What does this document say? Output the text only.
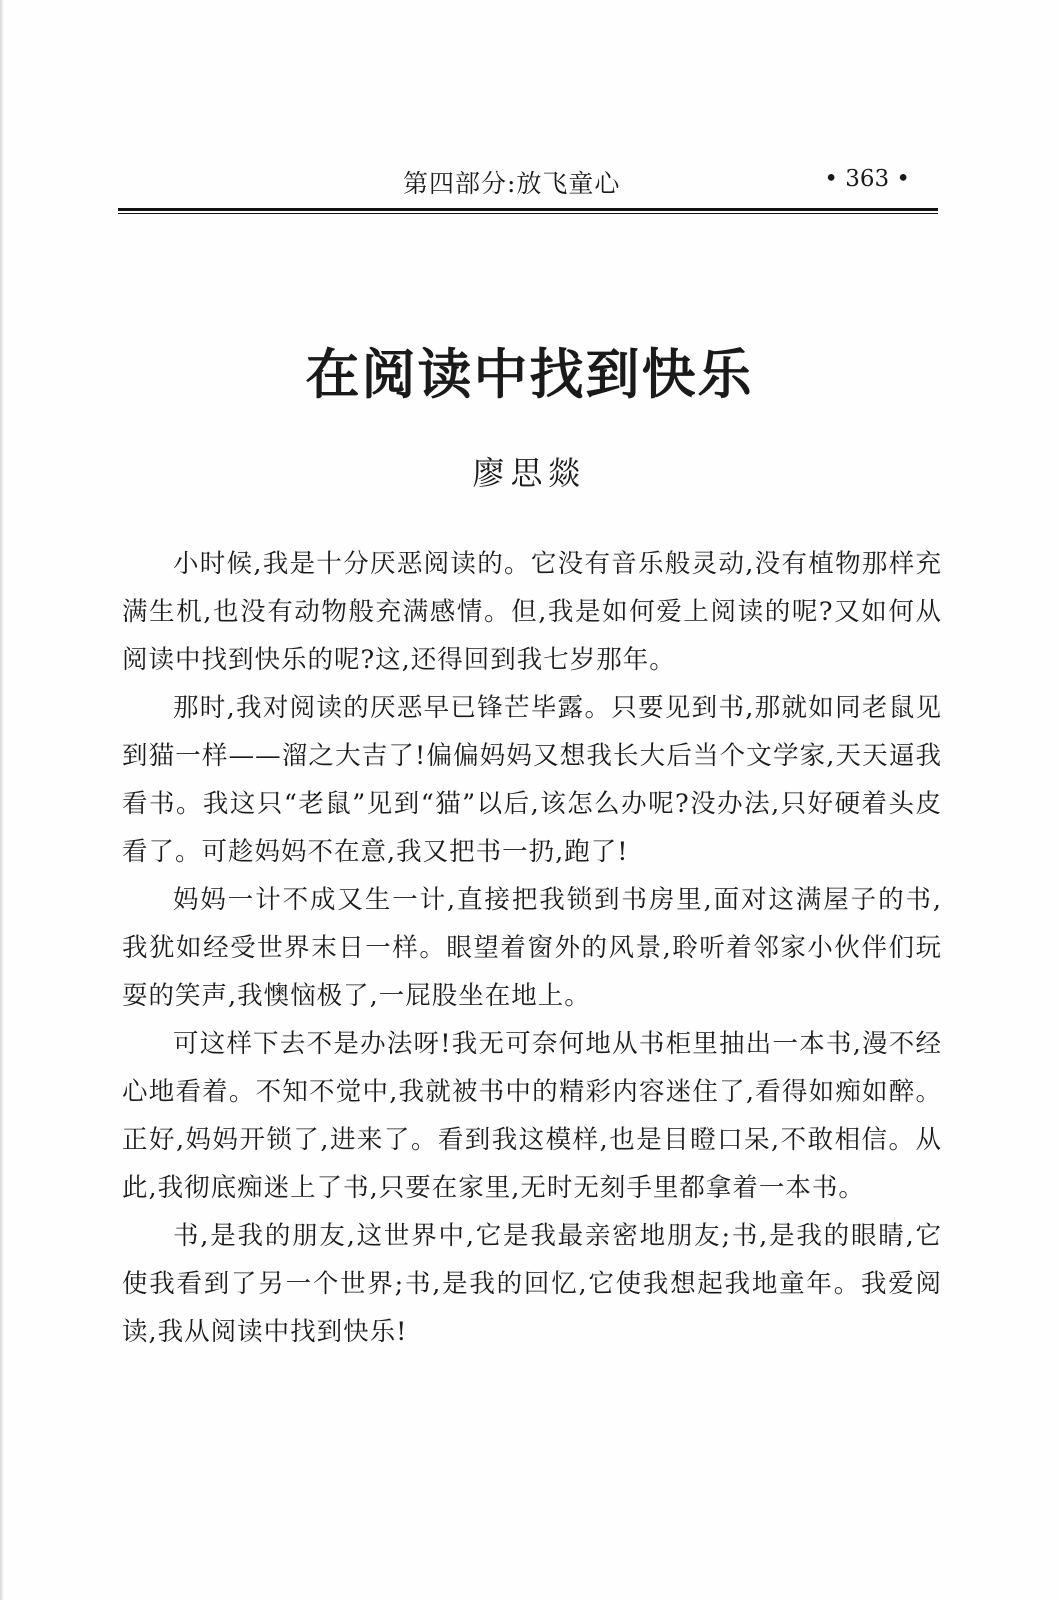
第四部分:放飞童心	• 363 •
在阅读中找到快乐
廖思燚

小时候,我是十分厌恶阅读的。它没有音乐般灵动,没有植物那样充满生机,也没有动物般充满感情。但,我是如何爱上阅读的呢?又如何从阅读中找到快乐的呢?这,还得回到我七岁那年。

那时,我对阅读的厌恶早已锋芒毕露。只要见到书,那就如同老鼠见到猫一样——溜之大吉了!偏偏妈妈又想我长大后当个文学家,天天逼我看书。我这只“老鼠”见到“猫”以后,该怎么办呢?没办法,只好硬着头皮看了。可趁妈妈不在意,我又把书一扔,跑了!

妈妈一计不成又生一计,直接把我锁到书房里,面对这满屋子的书,我犹如经受世界末日一样。眼望着窗外的风景,聆听着邻家小伙伴们玩耍的笑声,我懊恼极了,一屁股坐在地上。

可这样下去不是办法呀!我无可奈何地从书柜里抽出一本书,漫不经心地看着。不知不觉中,我就被书中的精彩内容迷住了,看得如痴如醉。正好,妈妈开锁了,进来了。看到我这模样,也是目瞪口呆,不敢相信。从此,我彻底痴迷上了书,只要在家里,无时无刻手里都拿着一本书。

书,是我的朋友,这世界中,它是我最亲密地朋友;书,是我的眼睛,它使我看到了另一个世界;书,是我的回忆,它使我想起我地童年。我爱阅读,我从阅读中找到快乐!
